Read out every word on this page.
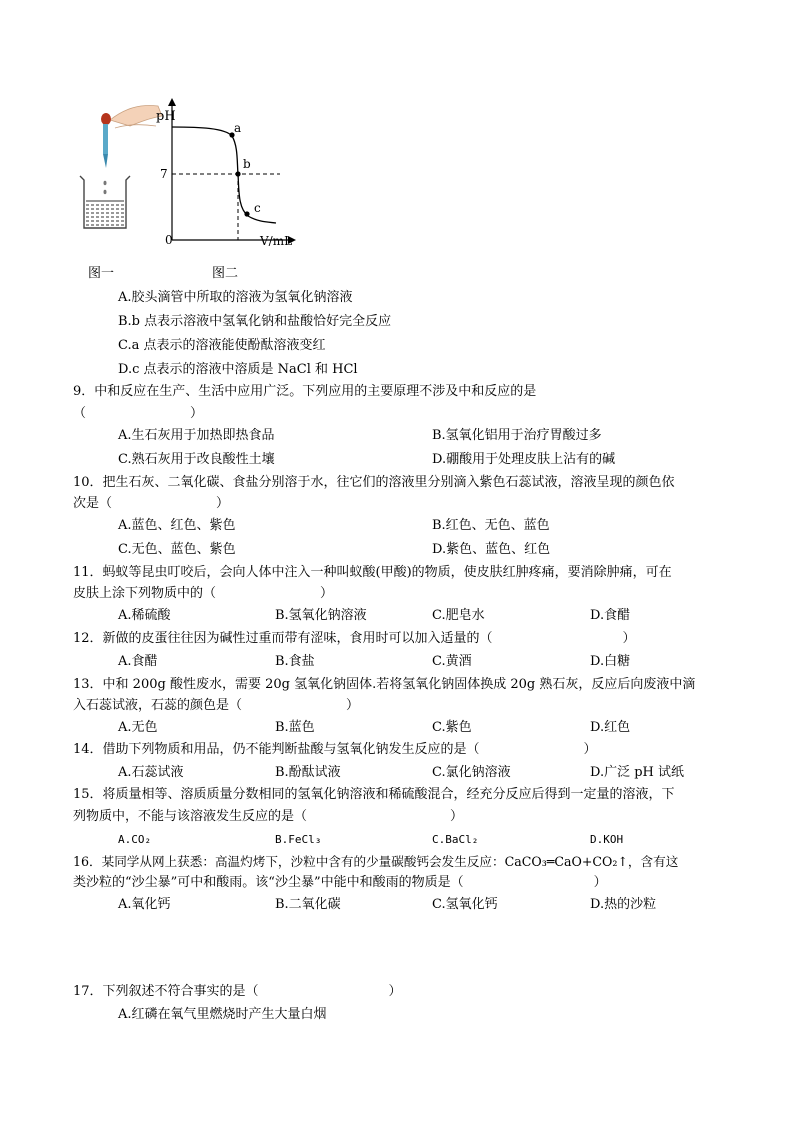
pH
7
0	V/mL
a
b
c
图一	图二
A.胶头滴管中所取的溶液为氢氧化钠溶液
B.b 点表示溶液中氢氧化钠和盐酸恰好完全反应
C.a 点表示的溶液能使酚酞溶液变红
D.c 点表示的溶液中溶质是 NaCl 和 HCl
9．中和反应在生产、生活中应用广泛。下列应用的主要原理不涉及中和反应的是
（　　　　　　　　）
A.生石灰用于加热即热食品	B.氢氧化铝用于治疗胃酸过多
C.熟石灰用于改良酸性土壤	D.硼酸用于处理皮肤上沾有的碱
10．把生石灰、二氧化碳、食盐分别溶于水，往它们的溶液里分别滴入紫色石蕊试液，溶液呈现的颜色依
次是（　　　　　　　　）
A.蓝色、红色、紫色	B.红色、无色、蓝色
C.无色、蓝色、紫色	D.紫色、蓝色、红色
11．蚂蚁等昆虫叮咬后，会向人体中注入一种叫蚁酸(甲酸)的物质，使皮肤红肿疼痛，要消除肿痛，可在
皮肤上涂下列物质中的（　　　　　　　　）
A.稀硫酸	B.氢氧化钠溶液	C.肥皂水	D.食醋
12．新做的皮蛋往往因为碱性过重而带有涩味，食用时可以加入适量的（　　　　　　　　　　）
A.食醋	B.食盐	C.黄酒	D.白糖
13．中和 200g 酸性废水，需要 20g 氢氧化钠固体.若将氢氧化钠固体换成 20g 熟石灰，反应后向废液中滴
入石蕊试液，石蕊的颜色是（　　　　　　　　）
A.无色	B.蓝色	C.紫色	D.红色
14．借助下列物质和用品，仍不能判断盐酸与氢氧化钠发生反应的是（　　　　　　　　）
A.石蕊试液	B.酚酞试液	C.氯化钠溶液	D.广泛 pH 试纸
15．将质量相等、溶质质量分数相同的氢氧化钠溶液和稀硫酸混合，经充分反应后得到一定量的溶液，下
列物质中，不能与该溶液发生反应的是（　　　　　　　　　　　）
A.CO₂	B.FeCl₃	C.BaCl₂	D.KOH
16．某同学从网上获悉：高温灼烤下，沙粒中含有的少量碳酸钙会发生反应：CaCO₃═CaO+CO₂↑，含有这
类沙粒的“沙尘暴”可中和酸雨。该“沙尘暴”中能中和酸雨的物质是（　　　　　　　　　　）
A.氧化钙	B.二氧化碳	C.氢氧化钙	D.热的沙粒
17．下列叙述不符合事实的是（　　　　　　　　　　）
A.红磷在氧气里燃烧时产生大量白烟
